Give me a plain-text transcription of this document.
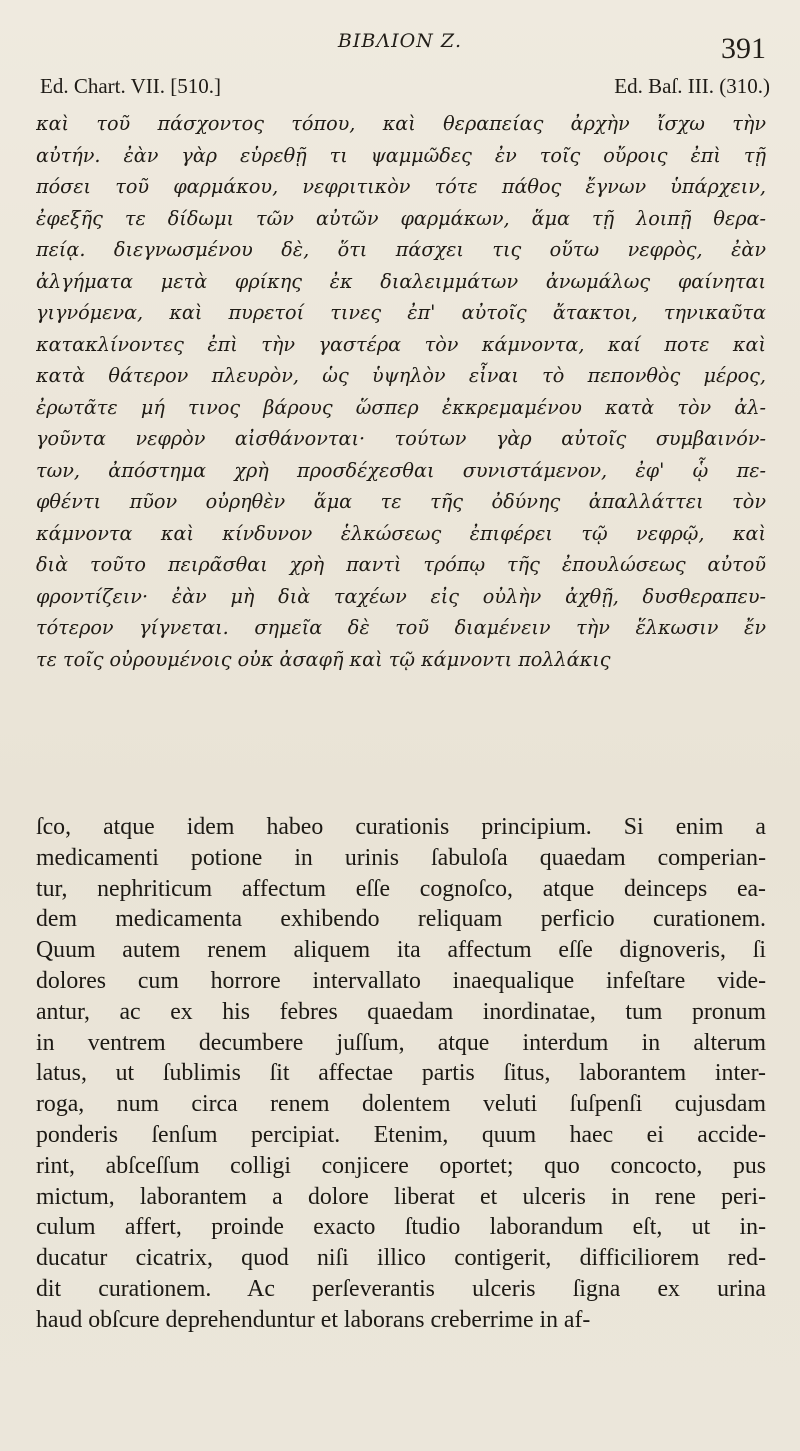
ΒΙΒΛΙΟΝ Ζ.	391
Ed. Chart. VII. [510.]	Ed. Baſ. III. (310.)
καὶ τοῦ πάσχοντος τόπου, καὶ θεραπείας ἀρχὴν ἴσχω τὴν
αὐτήν. ἐὰν γὰρ εὑρεθῇ τι ψαμμῶδες ἐν τοῖς οὔροις ἐπὶ τῇ
πόσει τοῦ φαρμάκου, νεφριτικὸν τότε πάθος ἔγνων ὑπάρχειν,
ἐφεξῆς τε δίδωμι τῶν αὐτῶν φαρμάκων, ἅμα τῇ λοιπῇ θερα-
πείᾳ. διεγνωσμένου δὲ, ὅτι πάσχει τις οὕτω νεφρὸς, ἐὰν
ἀλγήματα μετὰ φρίκης ἐκ διαλειμμάτων ἀνωμάλως φαίνηται
γιγνόμενα, καὶ πυρετοί τινες ἐπ' αὐτοῖς ἄτακτοι, τηνικαῦτα
κατακλίνοντες ἐπὶ τὴν γαστέρα τὸν κάμνοντα, καί ποτε καὶ
κατὰ θάτερον πλευρὸν, ὡς ὑψηλὸν εἶναι τὸ πεπονθὸς μέρος,
ἐρωτᾶτε μή τινος βάρους ὥσπερ ἐκκρεμαμένου κατὰ τὸν ἀλ-
γοῦντα νεφρὸν αἰσθάνονται· τούτων γὰρ αὐτοῖς συμβαινόν-
των, ἀπόστημα χρὴ προσδέχεσθαι συνιστάμενον, ἐφ' ᾧ πε-
φθέντι πῦον οὐρηθὲν ἅμα τε τῆς ὀδύνης ἀπαλλάττει τὸν
κάμνοντα καὶ κίνδυνον ἑλκώσεως ἐπιφέρει τῷ νεφρῷ, καὶ
διὰ τοῦτο πειρᾶσθαι χρὴ παντὶ τρόπῳ τῆς ἐπουλώσεως αὐτοῦ
φροντίζειν· ἐὰν μὴ διὰ ταχέων εἰς οὐλὴν ἀχθῇ, δυσθεραπευ-
τότερον γίγνεται. σημεῖα δὲ τοῦ διαμένειν τὴν ἕλκωσιν ἔν
τε τοῖς οὐρουμένοις οὐκ ἀσαφῆ καὶ τῷ κάμνοντι πολλάκις
ſco, atque idem habeo curationis principium. Si enim a
medicamenti potione in urinis ſabuloſa quaedam comperian-
tur, nephriticum affectum eſſe cognoſco, atque deinceps ea-
dem medicamenta exhibendo reliquam perficio curationem.
Quum autem renem aliquem ita affectum eſſe dignoveris, ſi
dolores cum horrore intervallato inaequalique infeſtare vide-
antur, ac ex his febres quaedam inordinatae, tum pronum
in ventrem decumbere juſſum, atque interdum in alterum
latus, ut ſublimis ſit affectae partis ſitus, laborantem inter-
roga, num circa renem dolentem veluti ſuſpenſi cujusdam
ponderis ſenſum percipiat. Etenim, quum haec ei accide-
rint, abſceſſum colligi conjicere oportet; quo concocto, pus
mictum, laborantem a dolore liberat et ulceris in rene peri-
culum affert, proinde exacto ſtudio laborandum eſt, ut in-
ducatur cicatrix, quod niſi illico contigerit, difficiliorem red-
dit curationem. Ac perſeverantis ulceris ſigna ex urina
haud obſcure deprehenduntur et laborans creberrime in af-
